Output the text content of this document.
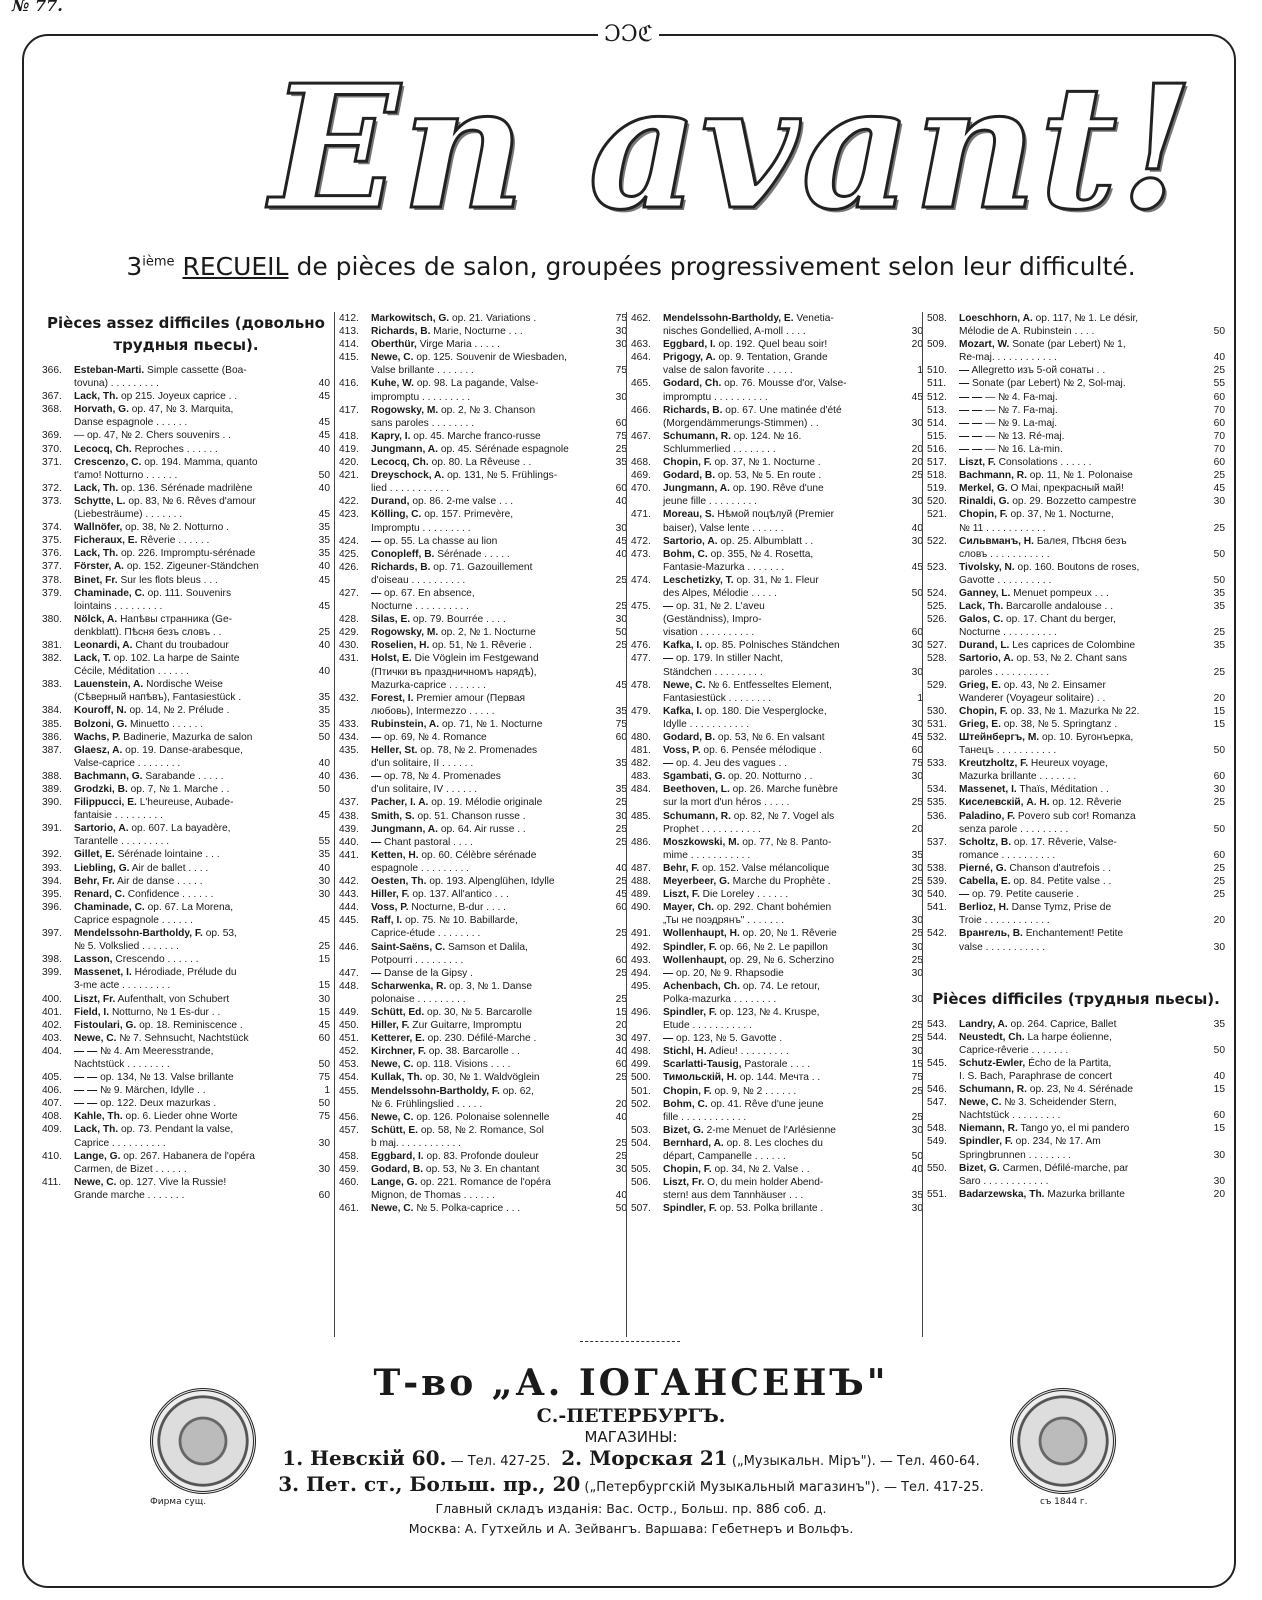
№ 77.
ƆƆℭ
En avant!
3ième RECUEIL de pièces de salon, groupées progressivement selon leur difficulté.
Pièces assez difficiles (довольно трудныя пьесы).
366.	Esteban-Marti. Simple cassette (Boa-
tovuna) . . . . . . . . .	40
367.	Lack, Th. op 215. Joyeux caprice . .	45
368.	Horvath, G. op. 47, № 3. Marquita,
Danse espagnole . . . . . .	45
369.	— op. 47, № 2. Chers souvenirs . .	45
370.	Lecocq, Ch. Reproches . . . . . .	40
371.	Crescenzo, C. op. 194. Mamma, quanto
t'amo! Notturno . . . . . .	50
372.	Lack, Th. op. 136. Sérénade madrilène	40
373.	Schytte, L. op. 83, № 6. Rêves d'amour
(Liebesträume) . . . . . . .	45
374.	Wallnöfer, op. 38, № 2. Notturno .	35
375.	Ficheraux, E. Rêverie . . . . . .	35
376.	Lack, Th. op. 226. Impromptu-sérénade	35
377.	Förster, A. op. 152. Zigeuner-Ständchen	40
378.	Binet, Fr. Sur les flots bleus . . .	45
379.	Chaminade, C. op. 111. Souvenirs
lointains . . . . . . . . .	45
380.	Nölck, A. Напѣвы странника (Ge-
denkblatt). Пѣсня безъ словъ . .	25
381.	Leonardi, A. Chant du troubadour	40
382.	Lack, T. op. 102. La harpe de Sainte
Cécile, Méditation . . . . . .	40
383.	Lauenstein, A. Nordische Weise
(Сѣверный напѣвъ), Fantasiestück .	35
384.	Kouroff, N. op. 14, № 2. Prélude .	35
385.	Bolzoni, G. Minuetto . . . . . .	35
386.	Wachs, P. Badinerie, Mazurka de salon	50
387.	Glaesz, A. op. 19. Danse-arabesque,
Valse-caprice . . . . . . . .	40
388.	Bachmann, G. Sarabande . . . . .	40
389.	Grodzki, B. op. 7, № 1. Marche . .	50
390.	Filippucci, E. L'heureuse, Aubade-
fantaisie . . . . . . . . .	45
391.	Sartorio, A. op. 607. La bayadère,
Tarantelle . . . . . . . . .	55
392.	Gillet, E. Sérénade lointaine . . .	35
393.	Liebling, G. Air de ballet . . . .	40
394.	Behr, Fr. Air de danse . . . . .	30
395.	Renard, C. Confidence . . . . . .	30
396.	Chaminade, C. op. 67. La Morena,
Caprice espagnole . . . . . .	45
397.	Mendelssohn-Bartholdy, F. op. 53,
№ 5. Volkslied . . . . . . .	25
398.	Lasson, Crescendo . . . . . .	15
399.	Massenet, I. Hérodiade, Prélude du
3-me acte . . . . . . . . .	15
400.	Liszt, Fr. Aufenthalt, von Schubert	30
401.	Field, I. Notturno, № 1 Es-dur . .	15
402.	Fistoulari, G. op. 18. Reminiscence .	45
403.	Newe, C. № 7. Sehnsucht, Nachtstück	60
404.	— — № 4. Am Meeresstrande,
Nachtstück . . . . . . . .	50
405.	— — op. 134, № 13. Valse brillante	75
406.	— — № 9. Märchen, Idylle . .	1
407.	— — op. 122. Deux mazurkas .	50
408.	Kahle, Th. op. 6. Lieder ohne Worte	75
409.	Lack, Th. op. 73. Pendant la valse,
Caprice . . . . . . . . . .	30
410.	Lange, G. op. 267. Habanera de l'opéra
Carmen, de Bizet . . . . . .	30
411.	Newe, C. op. 127. Vive la Russie!
Grande marche . . . . . . .	60
412.	Markowitsch, G. op. 21. Variations .	75
413.	Richards, B. Marie, Nocturne . . .	30
414.	Oberthür, Virge Maria . . . . .	30
415.	Newe, C. op. 125. Souvenir de Wiesbaden,
Valse brillante . . . . . . .	75
416.	Kuhe, W. op. 98. La pagande, Valse-
impromptu . . . . . . . . .	30
417.	Rogowsky, M. op. 2, № 3. Chanson
sans paroles . . . . . . . .	60
418.	Kapry, I. op. 45. Marche franco-russe	75
419.	Jungmann, A. op. 45. Sérénade espagnole	25
420.	Lecocq, Ch. op. 80. La Rêveuse . .	35
421.	Dreyschock, A. op. 131, № 5. Frühlings-
lied . . . . . . . . . . .	60
422.	Durand, op. 86. 2-me valse . . .	40
423.	Kölling, C. op. 157. Primevère,
Impromptu . . . . . . . . .	30
424.	— op. 55. La chasse au lion	45
425.	Conopleff, B. Sérénade . . . . .	40
426.	Richards, B. op. 71. Gazouillement
d'oiseau . . . . . . . . . .	25
427.	— op. 67. En absence,
Nocturne . . . . . . . . . .	25
428.	Silas, E. op. 79. Bourrée . . . .	30
429.	Rogowsky, M. op. 2, № 1. Nocturne	50
430.	Roselien, H. op. 51, № 1. Rêverie .	25
431.	Holst, E. Die Vöglein im Festgewand
(Птички въ праздничномъ нарядѣ),
Mazurka-caprice . . . . . . .	45
432.	Forest, I. Premier amour (Первая
любовь), Intermezzo . . . . .	35
433.	Rubinstein, A. op. 71, № 1. Nocturne	75
434.	— op. 69, № 4. Romance	60
435.	Heller, St. op. 78, № 2. Promenades
d'un solitaire, II . . . . . .	35
436.	— op. 78, № 4. Promenades
d'un solitaire, IV . . . . . .	35
437.	Pacher, I. A. op. 19. Mélodie originale	25
438.	Smith, S. op. 51. Chanson russe .	30
439.	Jungmann, A. op. 64. Air russe . .	25
440.	— Chant pastoral . . . .	25
441.	Ketten, H. op. 60. Célèbre sérénade
espagnole . . . . . . . . .	40
442.	Oesten, Th. op. 193. Alpenglühen, Idylle	25
443.	Hiller, F. op. 137. All'antico . . .	45
444.	Voss, P. Nocturne, B-dur . . . .	60
445.	Raff, I. op. 75. № 10. Babillarde,
Caprice-étude . . . . . . . .	25
446.	Saint-Saëns, C. Samson et Dalila,
Potpourri . . . . . . . . .	60
447.	— Danse de la Gipsy .	25
448.	Scharwenka, R. op. 3, № 1. Danse
polonaise . . . . . . . . .	25
449.	Schütt, Ed. op. 30, № 5. Barcarolle	15
450.	Hiller, F. Zur Guitarre, Impromptu	20
451.	Ketterer, E. op. 230. Défilé-Marche .	30
452.	Kirchner, F. op. 38. Barcarolle . .	40
453.	Newe, C. op. 118. Visions . . . .	60
454.	Kullak, Th. op. 30, № 1. Waldvöglein	25
455.	Mendelssohn-Bartholdy, F. op. 62,
№ 6. Frühlingslied . . . . .	20
456.	Newe, C. op. 126. Polonaise solennelle	40
457.	Schütt, E. op. 58, № 2. Romance, Sol
b maj. . . . . . . . . . . .	25
458.	Eggbard, I. op. 83. Profonde douleur	25
459.	Godard, B. op. 53, № 3. En chantant	30
460.	Lange, G. op. 221. Romance de l'opéra
Mignon, de Thomas . . . . . .	40
461.	Newe, C. № 5. Polka-caprice . . .	50
462.	Mendelssohn-Bartholdy, E. Venetia-
nisches Gondellied, A-moll . . . .	30
463.	Eggbard, I. op. 192. Quel beau soir!	20
464.	Prigogy, A. op. 9. Tentation, Grande
valse de salon favorite . . . . .	1
465.	Godard, Ch. op. 76. Mousse d'or, Valse-
impromptu . . . . . . . . . .	45
466.	Richards, B. op. 67. Une matinée d'été
(Morgendämmerungs-Stimmen) . .	30
467.	Schumann, R. op. 124. № 16.
Schlummerlied . . . . . . . .	20
468.	Chopin, F. op. 37, № 1. Nocturne .	20
469.	Godard, B. op. 53, № 5. En route .	25
470.	Jungmann, A. op. 190. Rêve d'une
jeune fille . . . . . . . . .	30
471.	Moreau, S. Нѣмой поцѣлуй (Premier
baiser), Valse lente . . . . . .	40
472.	Sartorio, A. op. 25. Albumblatt . .	30
473.	Bohm, C. op. 355, № 4. Rosetta,
Fantasie-Mazurka . . . . . . .	45
474.	Leschetizky, T. op. 31, № 1. Fleur
des Alpes, Mélodie . . . . .	50
475.	— op. 31, № 2. L'aveu
(Geständniss), Impro-
visation . . . . . . . . . .	60
476.	Kafka, I. op. 85. Polnisches Ständchen	30
477.	— op. 179. In stiller Nacht,
Ständchen . . . . . . . . .	30
478.	Newe, C. № 6. Entfesseltes Element,
Fantasiestück . . . . . . . .	1
479.	Kafka, I. op. 180. Die Vesperglocke,
Idylle . . . . . . . . . . .	30
480.	Godard, B. op. 53, № 6. En valsant	45
481.	Voss, P. op. 6. Pensée mélodique .	60
482.	— op. 4. Jeu des vagues . .	75
483.	Sgambati, G. op. 20. Notturno . .	30
484.	Beethoven, L. op. 26. Marche funèbre
sur la mort d'un héros . . . . .	25
485.	Schumann, R. op. 82, № 7. Vogel als
Prophet . . . . . . . . . . .	20
486.	Moszkowski, M. op. 77, № 8. Panto-
mime . . . . . . . . . . .	35
487.	Behr, F. op. 152. Valse mélancolique	30
488.	Meyerbeer, G. Marche du Prophète .	25
489.	Liszt, F. Die Loreley . . . . . .	30
490.	Mayer, Ch. op. 292. Chant bohémien
„Ты не поэдрянъ" . . . . . . .	30
491.	Wollenhaupt, H. op. 20, № 1. Rêverie	25
492.	Spindler, F. op. 66, № 2. Le papillon	30
493.	Wollenhaupt, op. 29, № 6. Scherzino	25
494.	— op. 20, № 9. Rhapsodie	30
495.	Achenbach, Ch. op. 74. Le retour,
Polka-mazurka . . . . . . . .	30
496.	Spindler, F. op. 123, № 4. Kruspe,
Etude . . . . . . . . . . .	25
497.	— op. 123, № 5. Gavotte .	25
498.	Stichl, H. Adieu! . . . . . . . . .	30
499.	Scarlatti-Tausig, Pastorale . . . .	15
500.	Тимольскій, Н. op. 144. Мечта . .	75
501.	Chopin, F. op. 9, № 2 . . . . . .	25
502.	Bohm, C. op. 41. Rêve d'une jeune
fille . . . . . . . . . . . .	25
503.	Bizet, G. 2-me Menuet de l'Arlésienne	30
504.	Bernhard, A. op. 8. Les cloches du
départ, Campanelle . . . . . .	50
505.	Chopin, F. op. 34, № 2. Valse . .	40
506.	Liszt, Fr. O, du mein holder Abend-
stern! aus dem Tannhäuser . . .	35
507.	Spindler, F. op. 53. Polka brillante .	30
508.	Loeschhorn, A. op. 117, № 1. Le désir,
Mélodie de A. Rubinstein . . . .	50
509.	Mozart, W. Sonate (par Lebert) № 1,
Re-maj. . . . . . . . . . . .	40
510.	— Allegretto изъ 5-ой сонаты . .	25
511.	— Sonate (par Lebert) № 2, Sol-maj.	55
512.	— — — № 4. Fa-maj.	60
513.	— — — № 7. Fa-maj.	70
514.	— — — № 9. La-maj.	60
515.	— — — № 13. Ré-maj.	70
516.	— — — № 16. La-min.	70
517.	Liszt, F. Consolations . . . . . .	60
518.	Bachmann, R. op. 11, № 1. Polonaise	25
519.	Merkel, G. O Mai, прекрасный май!	45
520.	Rinaldi, G. op. 29. Bozzetto campestre	30
521.	Chopin, F. op. 37, № 1. Nocturne,
№ 11 . . . . . . . . . . .	25
522.	Сильвманъ, Н. Балея, Пѣсня безъ
словъ . . . . . . . . . . .	50
523.	Tivolsky, N. op. 160. Boutons de roses,
Gavotte . . . . . . . . . .	50
524.	Ganney, L. Menuet pompeux . . .	35
525.	Lack, Th. Barcarolle andalouse . .	35
526.	Galos, C. op. 17. Chant du berger,
Nocturne . . . . . . . . . .	25
527.	Durand, L. Les caprices de Colombine	35
528.	Sartorio, A. op. 53, № 2. Chant sans
paroles . . . . . . . . . .	25
529.	Grieg, E. op. 43, № 2. Einsamer
Wanderer (Voyageur solitaire) . .	20
530.	Chopin, F. op. 33, № 1. Mazurka № 22.	15
531.	Grieg, E. op. 38, № 5. Springtanz .	15
532.	Штейнбергъ, М. op. 10. Бугонъерка,
Танецъ . . . . . . . . . . .	50
533.	Kreutzholtz, F. Heureux voyage,
Mazurka brillante . . . . . . .	60
534.	Massenet, I. Thaïs, Méditation . .	30
535.	Киселевскій, А. Н. op. 12. Rêverie	25
536.	Paladino, F. Povero sub cor! Romanza
senza parole . . . . . . . . .	50
537.	Scholtz, B. op. 17. Rêverie, Valse-
romance . . . . . . . . . .	60
538.	Pierné, G. Chanson d'autrefois . .	25
539.	Cabella, E. op. 84. Petite valse . .	25
540.	— op. 79. Petite causerie .	25
541.	Berlioz, H. Danse Tymz, Prise de
Troie . . . . . . . . . . . .	20
542.	Врангель, В. Enchantement! Petite
valse . . . . . . . . . . .	30
Pièces difficiles (трудныя пьесы).
543.	Landry, A. op. 264. Caprice, Ballet	35
544.	Neustedt, Ch. La harpe éolienne,
Caprice-rêverie . . . . . . .	50
545.	Schutz-Ewler, Écho de la Partita,
I. S. Bach, Paraphrase de concert	40
546.	Schumann, R. op. 23, № 4. Sérénade	15
547.	Newe, C. № 3. Scheidender Stern,
Nachtstück . . . . . . . . .	60
548.	Niemann, R. Tango yo, el mi pandero	15
549.	Spindler, F. op. 234, № 17. Am
Springbrunnen . . . . . . . .	30
550.	Bizet, G. Carmen, Défilé-marche, par
Saro . . . . . . . . . . . .	30
551.	Badarzewska, Th. Mazurka brillante	20
Фирма сущ.	съ 1844 г.
Т-во „А. ІОГАНСЕНЪ"
С.-ПЕТЕРБУРГЪ.
МАГАЗИНЫ:
1. Невскій 60. — Тел. 427-25. 2. Морская 21 („Музыкальн. Міръ"). — Тел. 460-64.
3. Пет. ст., Больш. пр., 20 („Петербургскій Музыкальный магазинъ"). — Тел. 417-25.
Главный складъ изданія: Вас. Остр., Больш. пр. 88б соб. д.
Москва: А. Гутхейль и А. Зейвангъ. Варшава: Гебетнеръ и Вольфъ.
